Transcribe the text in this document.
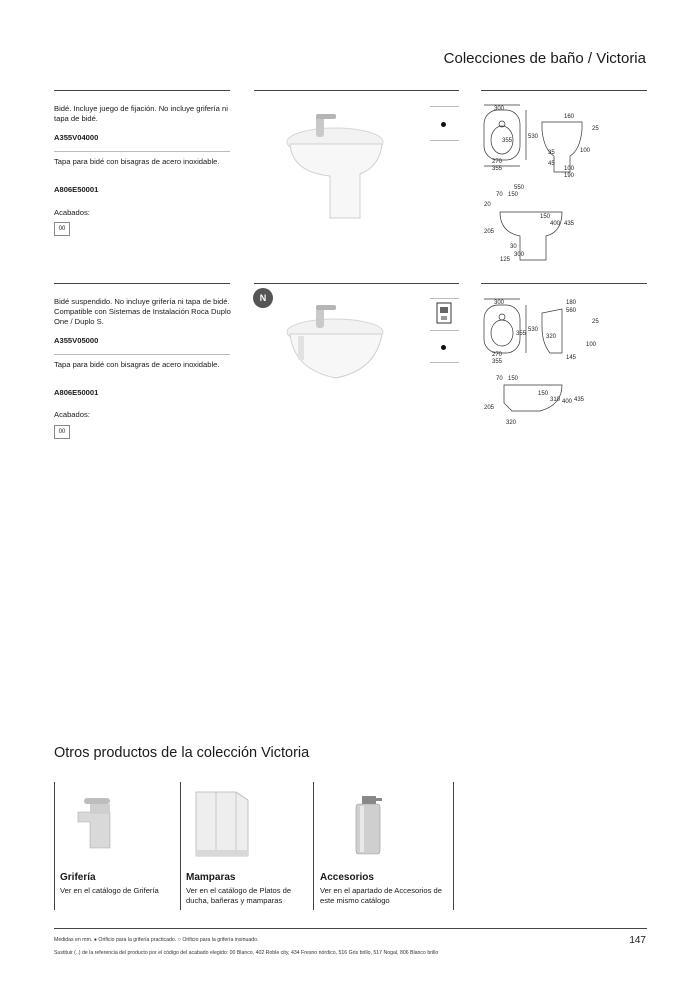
Colecciones de baño / Victoria
Bidé. Incluye juego de fijación. No incluye grifería ni tapa de bidé.
A355V04000
Tapa para bidé con bisagras de acero inoxidable.
A806E50001
Acabados:
00
300
355
530
270
355
160
25
35	100
45
100
190
550
70 150
20
150
205
400 435
30
300
125
Bidé suspendido. No incluye grifería ni tapa de bidé. Compatible con Sistemas de Instalación Roca Duplo One / Duplo S.
A355V05000
Tapa para bidé con bisagras de acero inoxidable.
A806E50001
Acabados:
00
N	300
355
530
270
355
180
560
25
320
100
145
70 150
150
310 400 435
205
320
Otros productos de la colección Victoria
Grifería
Ver en el catálogo de Grifería
Mamparas
Ver en el catálogo de Platos de ducha, bañeras y mamparas
Accesorios
Ver en el apartado de Accesorios de este mismo catálogo
Medidas en mm. ● Orificio para la grifería practicado. ○ Orificio para la grifería insinuado.
Sustituir (..) de la referencia del producto por el código del acabado elegido: 00 Blanco, 402 Roble city, 434 Fresno nórdico, 516 Gris brillo, 517 Nogal, 806 Blanco brillo
147
